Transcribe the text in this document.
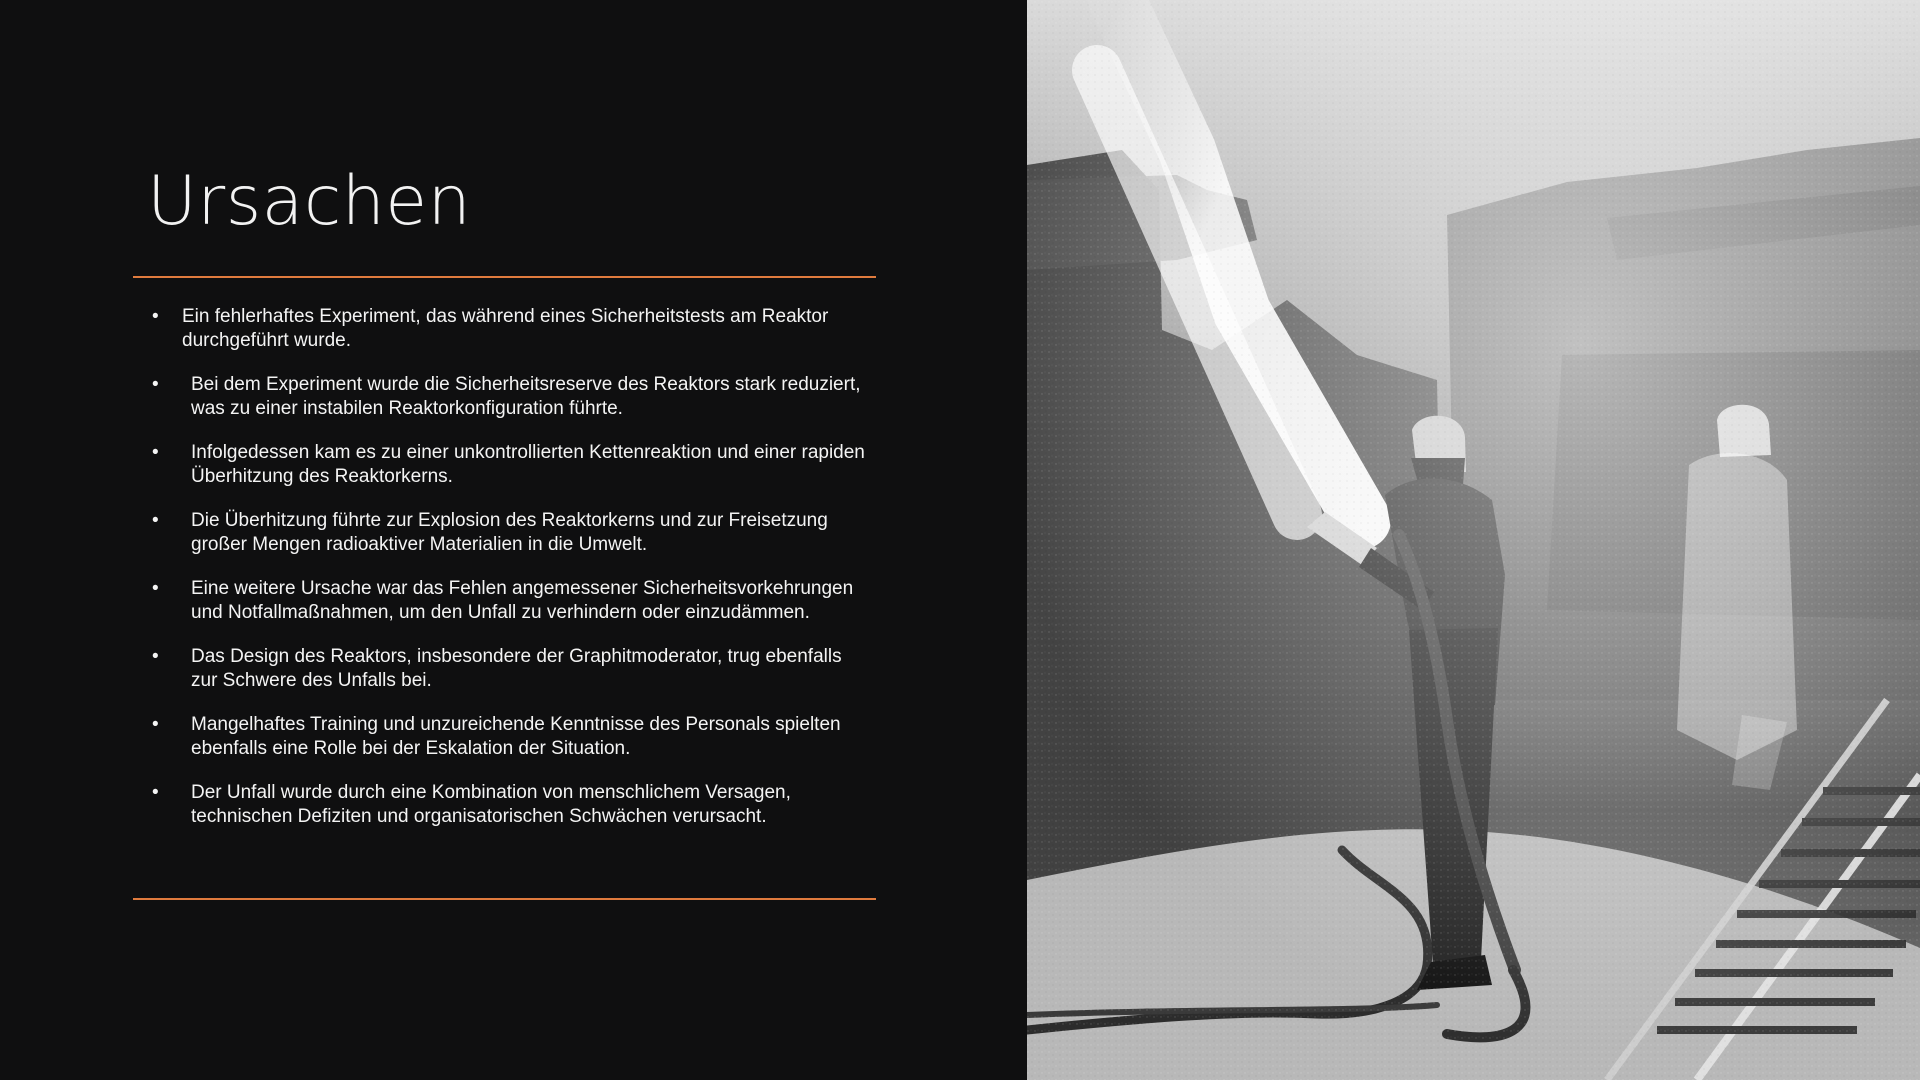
Ursachen
• Ein fehlerhaftes Experiment, das während eines Sicherheitstests am Reaktor durchgeführt wurde.
• Bei dem Experiment wurde die Sicherheitsreserve des Reaktors stark reduziert, was zu einer instabilen Reaktorkonfiguration führte.
• Infolgedessen kam es zu einer unkontrollierten Kettenreaktion und einer rapiden Überhitzung des Reaktorkerns.
• Die Überhitzung führte zur Explosion des Reaktorkerns und zur Freisetzung großer Mengen radioaktiver Materialien in die Umwelt.
• Eine weitere Ursache war das Fehlen angemessener Sicherheitsvorkehrungen und Notfallmaßnahmen, um den Unfall zu verhindern oder einzudämmen.
• Das Design des Reaktors, insbesondere der Graphitmoderator, trug ebenfalls zur Schwere des Unfalls bei.
• Mangelhaftes Training und unzureichende Kenntnisse des Personals spielten ebenfalls eine Rolle bei der Eskalation der Situation.
• Der Unfall wurde durch eine Kombination von menschlichem Versagen, technischen Defiziten und organisatorischen Schwächen verursacht.
